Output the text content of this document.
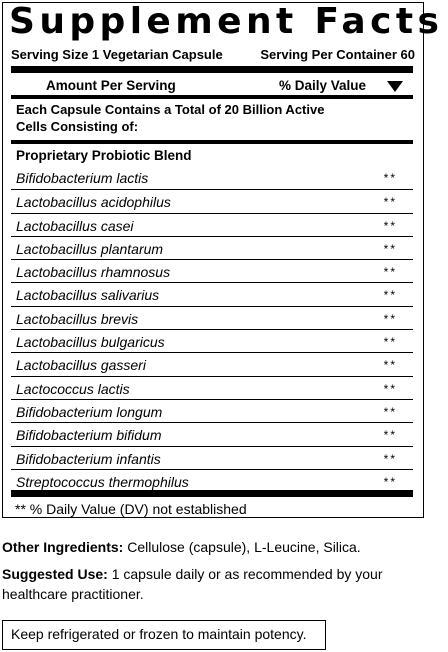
Supplement Facts
Serving Size 1 Vegetarian Capsule	Serving Per Container 60
Amount Per Serving	% Daily Value
Each Capsule Contains a Total of 20 Billion Active
Cells Consisting of:
Proprietary Probiotic Blend
Bifidobacterium lactis	**
Lactobacillus acidophilus	**
Lactobacillus casei	**
Lactobacillus plantarum	**
Lactobacillus rhamnosus	**
Lactobacillus salivarius	**
Lactobacillus brevis	**
Lactobacillus bulgaricus	**
Lactobacillus gasseri	**
Lactococcus lactis	**
Bifidobacterium longum	**
Bifidobacterium bifidum	**
Bifidobacterium infantis	**
Streptococcus thermophilus	**
** % Daily Value (DV) not established
Other Ingredients: Cellulose (capsule), L-Leucine, Silica.
Suggested Use: 1 capsule daily or as recommended by your healthcare practitioner.
Keep refrigerated or frozen to maintain potency.
